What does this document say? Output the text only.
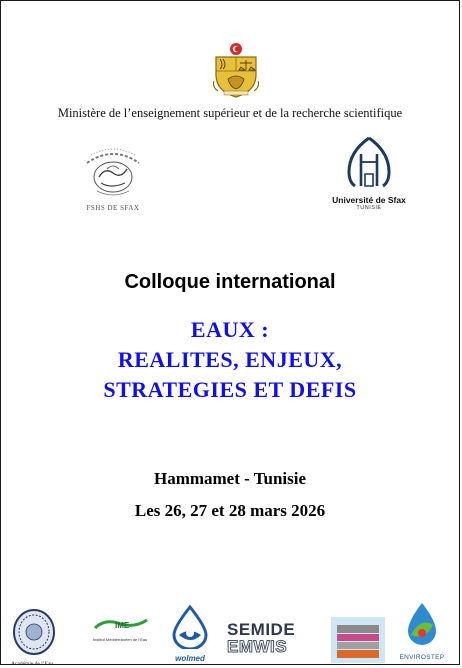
Ministère de l’enseignement supérieur et de la recherche scientifique
FSHS DE SFAX
Université de Sfax
TUNISIE
Colloque international
EAUX :
REALITES, ENJEUX,
STRATEGIES ET DEFIS
Hammamet - Tunisie
Les 26, 27 et 28 mars 2026
Académie de l’Eau
IME
Institut Méditerranéen de l’Eau
wolmed
SEMIDE
EMWIS
ENVIROSTEP
